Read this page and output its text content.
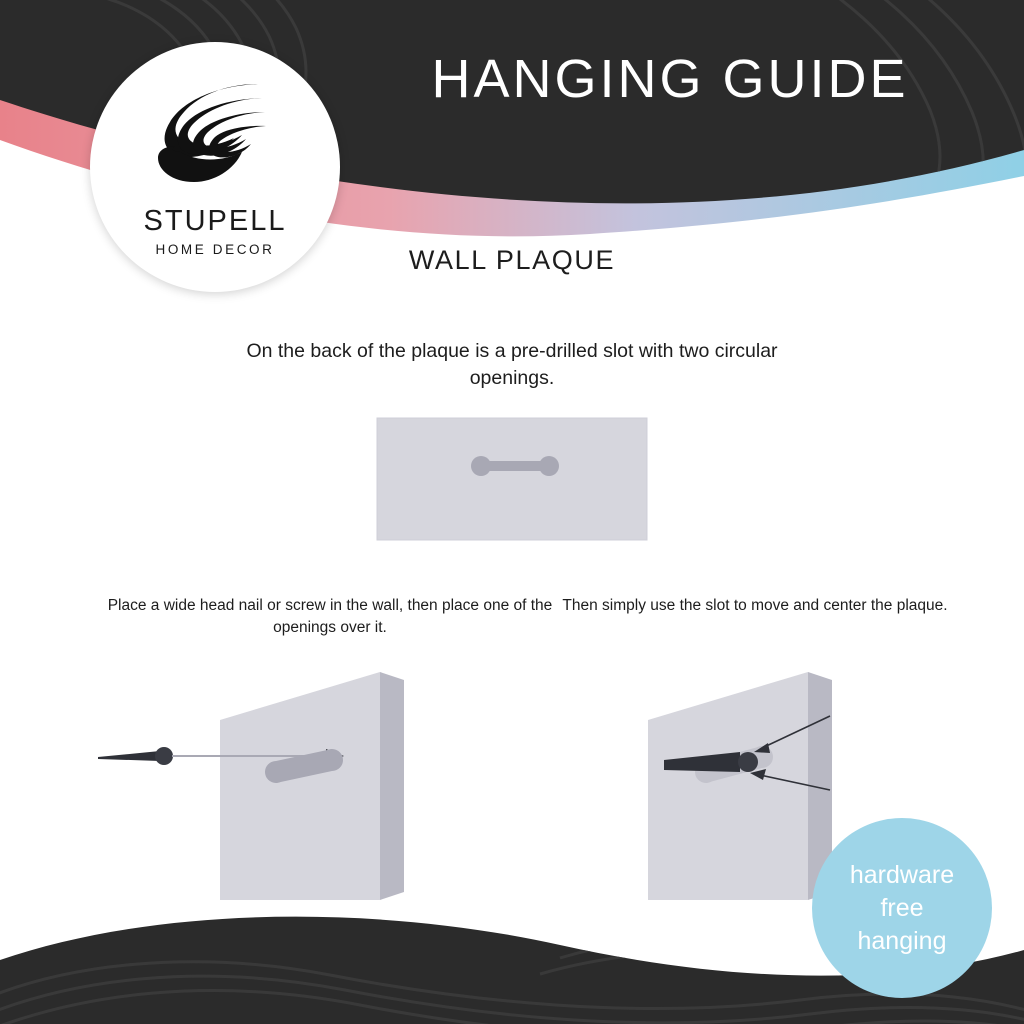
STUPELL
HOME DECOR
HANGING GUIDE
WALL PLAQUE
On the back of the plaque is a pre-drilled slot with two circular openings.
Place a wide head nail or screw in the wall, then place one of the openings over it.
Then simply use the slot to move and center the plaque.
hardware
free
hanging
